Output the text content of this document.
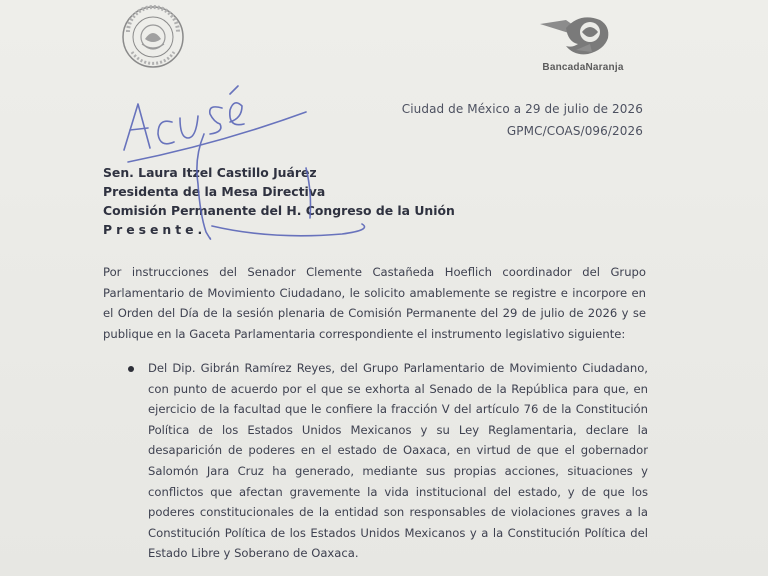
BancadaNaranja
Ciudad de México a 29 de julio de 2026
GPMC/COAS/096/2026
Sen. Laura Itzel Castillo Juárez
Presidenta de la Mesa Directiva
Comisión Permanente del H. Congreso de la Unión
Presente.
Por instrucciones del Senador Clemente Castañeda Hoeflich coordinador del Grupo Parlamentario de Movimiento Ciudadano, le solicito amablemente se registre e incorpore en el Orden del Día de la sesión plenaria de Comisión Permanente del 29 de julio de 2026 y se publique en la Gaceta Parlamentaria correspondiente el instrumento legislativo siguiente:
Del Dip. Gibrán Ramírez Reyes, del Grupo Parlamentario de Movimiento Ciudadano, con punto de acuerdo por el que se exhorta al Senado de la República para que, en ejercicio de la facultad que le confiere la fracción V del artículo 76 de la Constitución Política de los Estados Unidos Mexicanos y su Ley Reglamentaria, declare la desaparición de poderes en el estado de Oaxaca, en virtud de que el gobernador Salomón Jara Cruz ha generado, mediante sus propias acciones, situaciones y conflictos que afectan gravemente la vida institucional del estado, y de que los poderes constitucionales de la entidad son responsables de violaciones graves a la Constitución Política de los Estados Unidos Mexicanos y a la Constitución Política del Estado Libre y Soberano de Oaxaca.
